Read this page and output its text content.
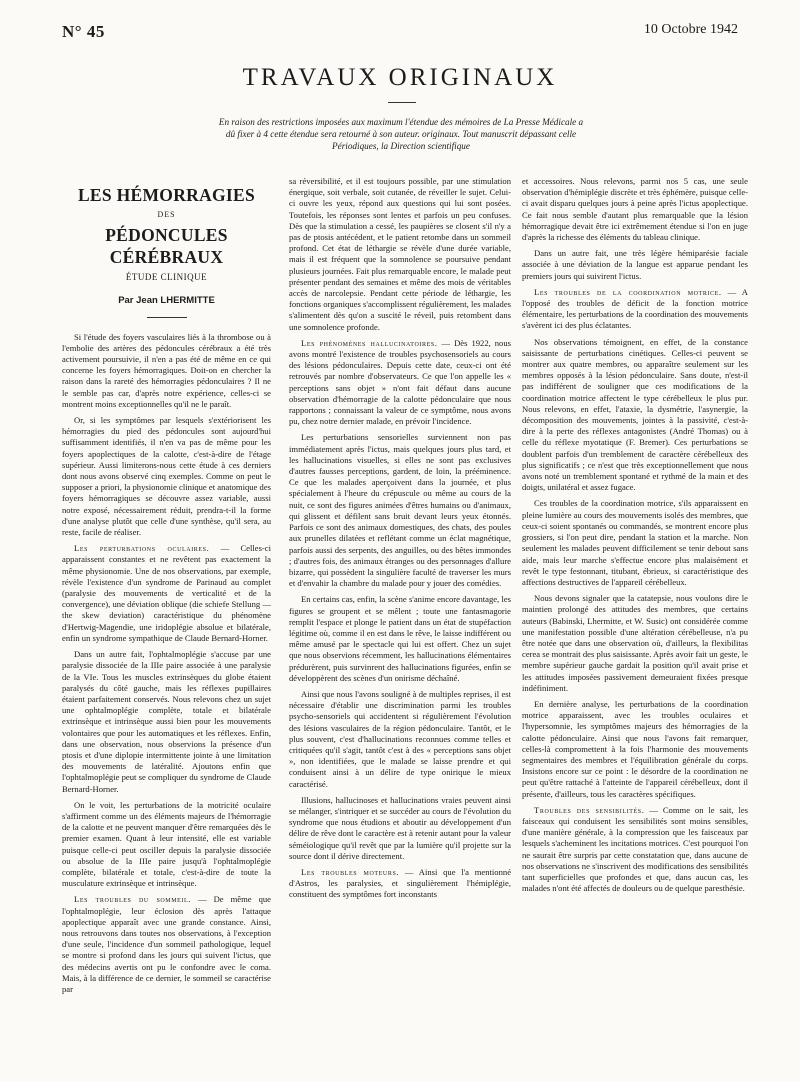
N° 45	10 Octobre 1942
TRAVAUX ORIGINAUX
En raison des restrictions imposées aux maximum l'étendue des mémoires de La Presse Médicale a dû fixer à 4 cette étendue sera retourné à son auteur. originaux. Tout manuscrit dépassant celle Périodiques, la Direction scientifique
LES HÉMORRAGIES
DES
PÉDONCULES CÉRÉBRAUX
ÉTUDE CLINIQUE
Par Jean LHERMITTE

Si l'étude des foyers vasculaires liés à la thrombose ou à l'embolie des artères des pédoncules cérébraux a été très activement poursuivie, il n'en a pas été de même en ce qui concerne les foyers hémorragiques. Doit-on en chercher la raison dans la rareté des hémorragies pédonculaires ? Il ne le semble pas car, d'après notre expérience, celles-ci se montrent moins exceptionnelles qu'il ne le paraît.

Or, si les symptômes par lesquels s'extériorisent les hémorragies du pied des pédoncules sont aujourd'hui suffisamment identifiés, il n'en va pas de même pour les foyers apoplectiques de la calotte, c'est-à-dire de l'étage supérieur. Aussi limiterons-nous cette étude à ces derniers dont nous avons observé cinq exemples. Comme on peut le supposer a priori, la physionomie clinique et anatomique des foyers hémorragiques se découvre assez variable, aussi notre exposé, nécessairement réduit, prendra-t-il la forme d'une analyse plutôt que celle d'une synthèse, qu'il sera, au reste, facile de réaliser.

Les perturbations oculaires. — Celles-ci apparaissent constantes et ne revêtent pas exactement la même physionomie. Une de nos observations, par exemple, révèle l'existence d'un syndrome de Parinaud au complet (paralysie des mouvements de verticalité et de la convergence), une déviation oblique (die schiefe Stellung — the skew deviation) caractéristique du phénomène d'Hertwig-Magendie, une iridoplégie absolue et bilatérale, enfin un syndrome sympathique de Claude Bernard-Horner.

Dans un autre fait, l'ophtalmoplégie s'accuse par une paralysie dissociée de la IIIe paire associée à une paralysie de la VIe. Tous les muscles extrinsèques du globe étaient paralysés du côté gauche, mais les réflexes pupillaires étaient parfaitement conservés. Nous relevons chez un sujet une ophtalmoplégie complète, totale et bilatérale extrinsèque et intrinsèque aussi bien pour les mouvements volontaires que pour les automatiques et les réflexes. Enfin, dans une observation, nous observions la présence d'un ptosis et d'une diplopie intermittente jointe à une limitation des mouvements de latéralité. Ajoutons enfin que l'ophtalmoplégie peut se compliquer du syndrome de Claude Bernard-Horner.

On le voit, les perturbations de la motricité oculaire s'affirment comme un des éléments majeurs de l'hémorragie de la calotte et ne peuvent manquer d'être remarquées dès le premier examen. Quant à leur intensité, elle est variable puisque celle-ci peut osciller depuis la paralysie dissociée ou absolue de la IIIe paire jusqu'à l'ophtalmoplégie complète, bilatérale et totale, c'est-à-dire de toute la musculature extrinsèque et intrinsèque.

Les troubles du sommeil. — De même que l'ophtalmoplégie, leur éclosion dès après l'attaque apoplectique apparaît avec une grande constance. Ainsi, nous retrouvons dans toutes nos observations, à l'exception d'une seule, l'incidence d'un sommeil pathologique, lequel se montre si profond dans les jours qui suivent l'ictus, que des médecins avertis ont pu le confondre avec le coma. Mais, à la différence de ce dernier, le sommeil se caractérise par

sa réversibilité, et il est toujours possible, par une stimulation énergique, soit verbale, soit cutanée, de réveiller le sujet. Celui-ci ouvre les yeux, répond aux questions qui lui sont posées. Toutefois, les réponses sont lentes et parfois un peu confuses. Dès que la stimulation a cessé, les paupières se closent s'il n'y a pas de ptosis antécédent, et le patient retombe dans un sommeil profond. Cet état de léthargie se révèle d'une durée variable, mais il est fréquent que la somnolence se poursuive pendant plusieurs journées. Fait plus remarquable encore, le malade peut présenter pendant des semaines et même des mois de véritables accès de narcolepsie. Pendant cette période de léthargie, les fonctions organiques s'accomplissent régulièrement, les malades s'alimentent dès qu'on a suscité le réveil, puis retombent dans une somnolence profonde.

Les phénomènes hallucinatoires. — Dès 1922, nous avons montré l'existence de troubles psychosensoriels au cours des lésions pédonculaires. Depuis cette date, ceux-ci ont été retrouvés par nombre d'observateurs. Ce que l'on appelle les « perceptions sans objet » n'ont fait défaut dans aucune observation d'hémorragie de la calotte pédonculaire que nous rapportons ; connaissant la valeur de ce symptôme, nous avons pu, chez notre dernier malade, en prévoir l'incidence.

Les perturbations sensorielles surviennent non pas immédiatement après l'ictus, mais quelques jours plus tard, et les hallucinations visuelles, si elles ne sont pas exclusives d'autres fausses perceptions, gardent, de loin, la prééminence. Ce que les malades aperçoivent dans la journée, et plus spécialement à l'heure du crépuscule ou même au cours de la nuit, ce sont des figures animées d'êtres humains ou d'animaux, qui glissent et défilent sans bruit devant leurs yeux étonnés. Parfois ce sont des animaux domestiques, des chats, des poules aux prunelles dilatées et reflétant comme un éclat magnétique, parfois aussi des serpents, des anguilles, ou des bêtes immondes ; d'autres fois, des animaux étranges ou des personnages d'allure bizarre, qui possèdent la singulière faculté de traverser les murs et d'envahir la chambre du malade pour y jouer des comédies.

En certains cas, enfin, la scène s'anime encore davantage, les figures se groupent et se mêlent ; toute une fantasmagorie remplit l'espace et plonge le patient dans un état de stupéfaction légitime où, comme il en est dans le rêve, le laisse indifférent ou même amusé par le spectacle qui lui est offert. Chez un sujet que nous observions récemment, les hallucinations élémentaires prédurèrent, puis survinrent des hallucinations figurées, enfin se développèrent des scènes d'un onirisme déchaîné.

Ainsi que nous l'avons souligné à de multiples reprises, il est nécessaire d'établir une discrimination parmi les troubles psycho-sensoriels qui accidentent si régulièrement l'évolution des lésions vasculaires de la région pédonculaire. Tantôt, et le plus souvent, c'est d'hallucinations reconnues comme telles et critiquées qu'il s'agit, tantôt c'est à des « perceptions sans objet », non identifiées, que le malade se laisse prendre et qui conduisent ainsi à un délire de type onirique le mieux caractérisé.

Illusions, hallucinoses et hallucinations vraies peuvent ainsi se mélanger, s'intriquer et se succéder au cours de l'évolution du syndrome que nous étudions et aboutir au développement d'un délire de rêve dont le caractère est à retenir autant pour la valeur séméiologique qu'il revêt que par la lumière qu'il projette sur la source dont il dérive directement.

Les troubles moteurs. — Ainsi que l'a mentionné d'Astros, les paralysies, et singulièrement l'hémiplégie, constituent des symptômes fort inconstants

et accessoires. Nous relevons, parmi nos 5 cas, une seule observation d'hémiplégie discrète et très éphémère, puisque celle-ci avait disparu quelques jours à peine après l'ictus apoplectique. Ce fait nous semble d'autant plus remarquable que la lésion hémorragique devait être ici extrêmement étendue si l'on en juge d'après la richesse des éléments du tableau clinique.

Dans un autre fait, une très légère hémiparésie faciale associée à une déviation de la langue est apparue pendant les premiers jours qui suivirent l'ictus.

Les troubles de la coordination motrice. — A l'opposé des troubles de déficit de la fonction motrice élémentaire, les perturbations de la coordination des mouvements s'avèrent ici des plus éclatantes.

Nos observations témoignent, en effet, de la constance saisissante de perturbations cinétiques. Celles-ci peuvent se montrer aux quatre membres, ou apparaître seulement sur les membres opposés à la lésion pédonculaire. Sans doute, n'est-il pas indifférent de souligner que ces modifications de la coordination motrice affectent le type cérébelleux le plus pur. Nous relevons, en effet, l'ataxie, la dysmétrie, l'asynergie, la décomposition des mouvements, jointes à la passivité, c'est-à-dire à la perte des réflexes antagonistes (André Thomas) ou à celle du réflexe myotatique (F. Bremer). Ces perturbations se doublent parfois d'un tremblement de caractère cérébelleux des plus significatifs ; ce n'est que très exceptionnellement que nous avons noté un tremblement spontané et rythmé de la main et des doigts, unilatéral et assez fugace.

Ces troubles de la coordination motrice, s'ils apparaissent en pleine lumière au cours des mouvements isolés des membres, que ceux-ci soient spontanés ou commandés, se montrent encore plus grossiers, si l'on peut dire, pendant la station et la marche. Non seulement les malades peuvent difficilement se tenir debout sans aide, mais leur marche s'effectue encore plus malaisément et revêt le type festonnant, titubant, ébrieux, si caractéristique des affections destructives de l'appareil cérébelleux.

Nous devons signaler que la catatepsie, nous voulons dire le maintien prolongé des attitudes des membres, que certains auteurs (Babinski, Lhermitte, et W. Susic) ont considérée comme une manifestation possible d'une altération cérébelleuse, n'a pu être notée que dans une observation où, d'ailleurs, la flexibilitas cerea se montrait des plus saisissante. Après avoir fait un geste, le membre supérieur gauche gardait la position qu'il avait prise et les attitudes imposées passivement demeuraient fixées presque indéfiniment.

En dernière analyse, les perturbations de la coordination motrice apparaissent, avec les troubles oculaires et l'hypersomnie, les symptômes majeurs des hémorragies de la calotte pédonculaire. Ainsi que nous l'avons fait remarquer, celles-là compromettent à la fois l'harmonie des mouvements segmentaires des membres et l'équilibration générale du corps. Insistons encore sur ce point : le désordre de la coordination ne peut qu'être rattaché à l'atteinte de l'appareil cérébelleux, dont il présente, d'ailleurs, tous les caractères spécifiques.

Troubles des sensibilités. — Comme on le sait, les faisceaux qui conduisent les sensibilités sont moins sensibles, d'une manière générale, à la compression que les faisceaux par lesquels s'acheminent les incitations motrices. C'est pourquoi l'on ne saurait être surpris par cette constatation que, dans aucune de nos observations ne s'inscrivent des modifications des sensibilités tant superficielles que profondes et que, dans aucun cas, les malades n'ont été affectés de douleurs ou de quelque paresthésie.
